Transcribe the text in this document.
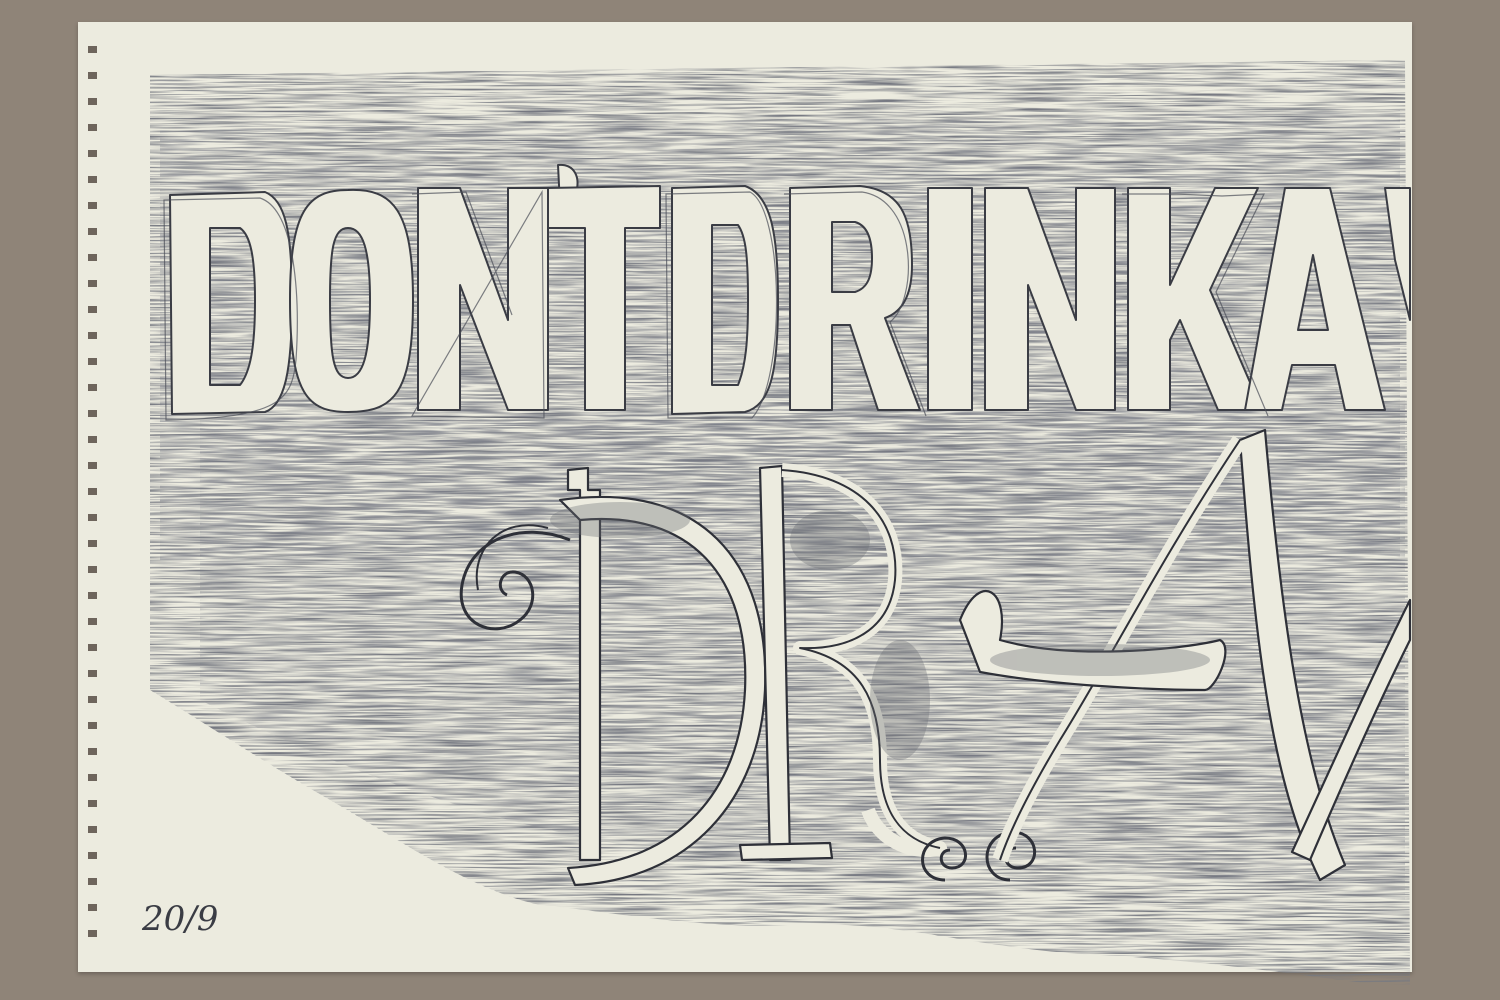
20/9
